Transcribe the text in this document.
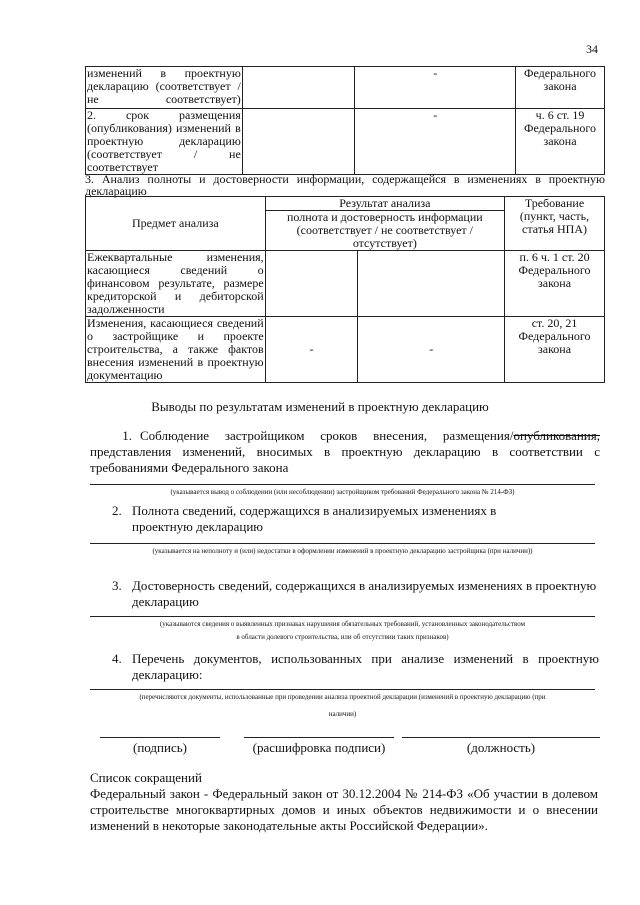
34
изменений в проектную декларацию (соответствует / не соответствует)		-	Федерального закона
2. срок размещения (опубликования) изменений в проектную декларацию (соответствует / не соответствует		-	ч. 6 ст. 19 Федерального закона
3. Анализ полноты и достоверности информации, содержащейся в изменениях в проектную декларацию
Предмет анализа	Результат анализа		Требование (пункт, часть, статья НПА)
	полнота и достоверность информации (соответствует / не соответствует / отсутствует)		
Ежеквартальные изменения, касающиеся сведений о финансовом результате, размере кредиторской и дебиторской задолженности			п. 6 ч. 1 ст. 20 Федерального закона
Изменения, касающиеся сведений о застройщике и проекте строительства, а также фактов внесения изменений в проектную документацию	-	-	ст. 20, 21 Федерального закона
Выводы по результатам изменений в проектную декларацию
1. Соблюдение застройщиком сроков внесения, размещения/опубликования, представления изменений, вносимых в проектную декларацию в соответствии с требованиями Федерального закона
(указывается вывод о соблюдении (или несоблюдении) застройщиком требований Федерального закона № 214-ФЗ)
2. Полнота сведений, содержащихся в анализируемых изменениях в проектную декларацию
(указывается на неполноту и (или) недостатки в оформлении изменений в проектную декларацию застройщика (при наличии))
3. Достоверность сведений, содержащихся в анализируемых изменениях в проектную декларацию
(указываются сведения о выявленных признаках нарушения обязательных требований, установленных законодательством
в области долевого строительства, или об отсутствии таких признаков)
4. Перечень документов, использованных при анализе изменений в проектную декларацию:
(перечисляются документы, использованные при проведении анализа проектной декларации (изменений в проектную декларацию (при
наличии)
(подпись)	(расшифровка подписи)	(должность)
Список сокращений
Федеральный закон - Федеральный закон от 30.12.2004 № 214-ФЗ «Об участии в долевом строительстве многоквартирных домов и иных объектов недвижимости и о внесении изменений в некоторые законодательные акты Российской Федерации».
